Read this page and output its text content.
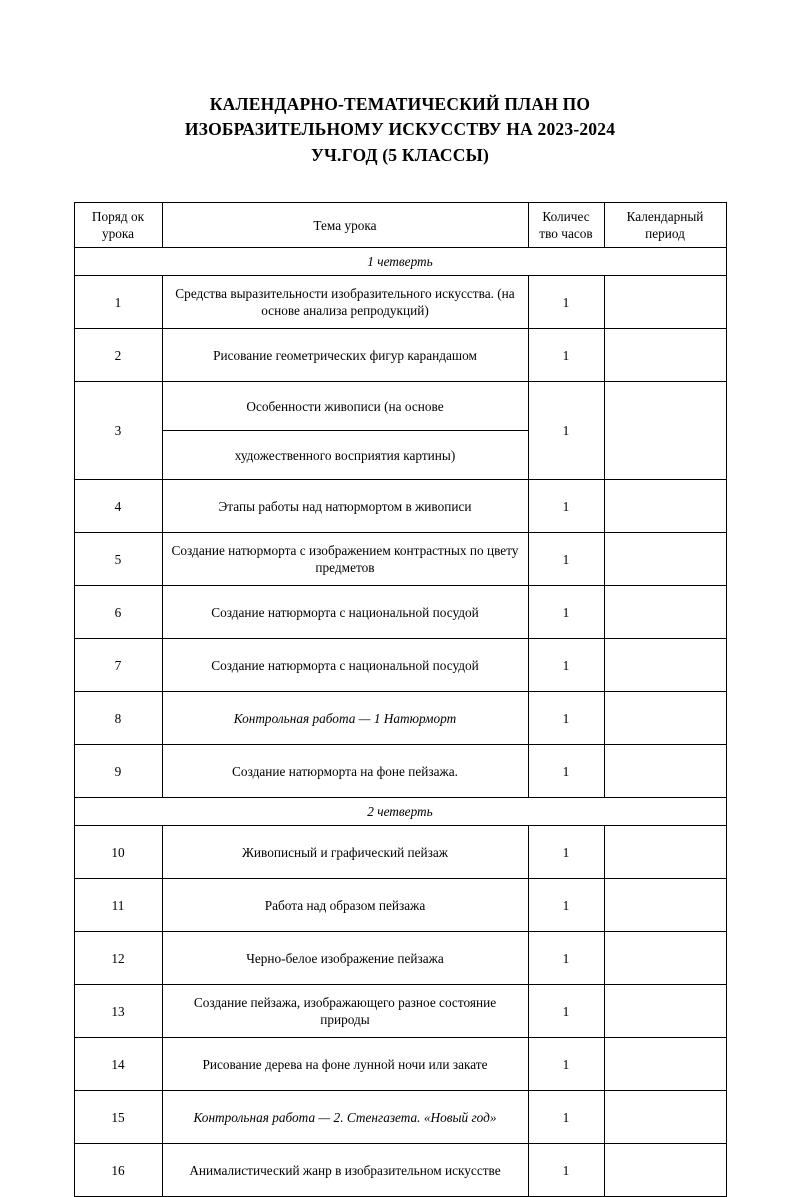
КАЛЕНДАРНО-ТЕМАТИЧЕСКИЙ ПЛАН ПО
ИЗОБРАЗИТЕЛЬНОМУ ИСКУССТВУ НА 2023-2024
УЧ.ГОД (5 КЛАССЫ)
Поряд ок урока	Тема урока	Количес тво часов	Календарный период
1 четверть			
1	Средства выразительности изобразительного искусства. (на основе анализа репродукций)	1	
2	Рисование геометрических фигур карандашом	1	
3	Особенности живописи (на основе	1	
	художественного восприятия картины)		
4	Этапы работы над натюрмортом в живописи	1	
5	Создание натюрморта с изображением контрастных по цвету предметов	1	
6	Создание натюрморта с национальной посудой	1	
7	Создание натюрморта с национальной посудой	1	
8	Контрольная работа — 1 Натюрморт	1	
9	Создание натюрморта на фоне пейзажа.	1	
2 четверть			
10	Живописный и графический пейзаж	1	
11	Работа над образом пейзажа	1	
12	Черно-белое изображение пейзажа	1	
13	Создание пейзажа, изображающего разное состояние природы	1	
14	Рисование дерева на фоне лунной ночи или закате	1	
15	Контрольная работа — 2. Стенгазета. «Новый год»	1	
16	Анималистический жанр в изобразительном искусстве	1	
